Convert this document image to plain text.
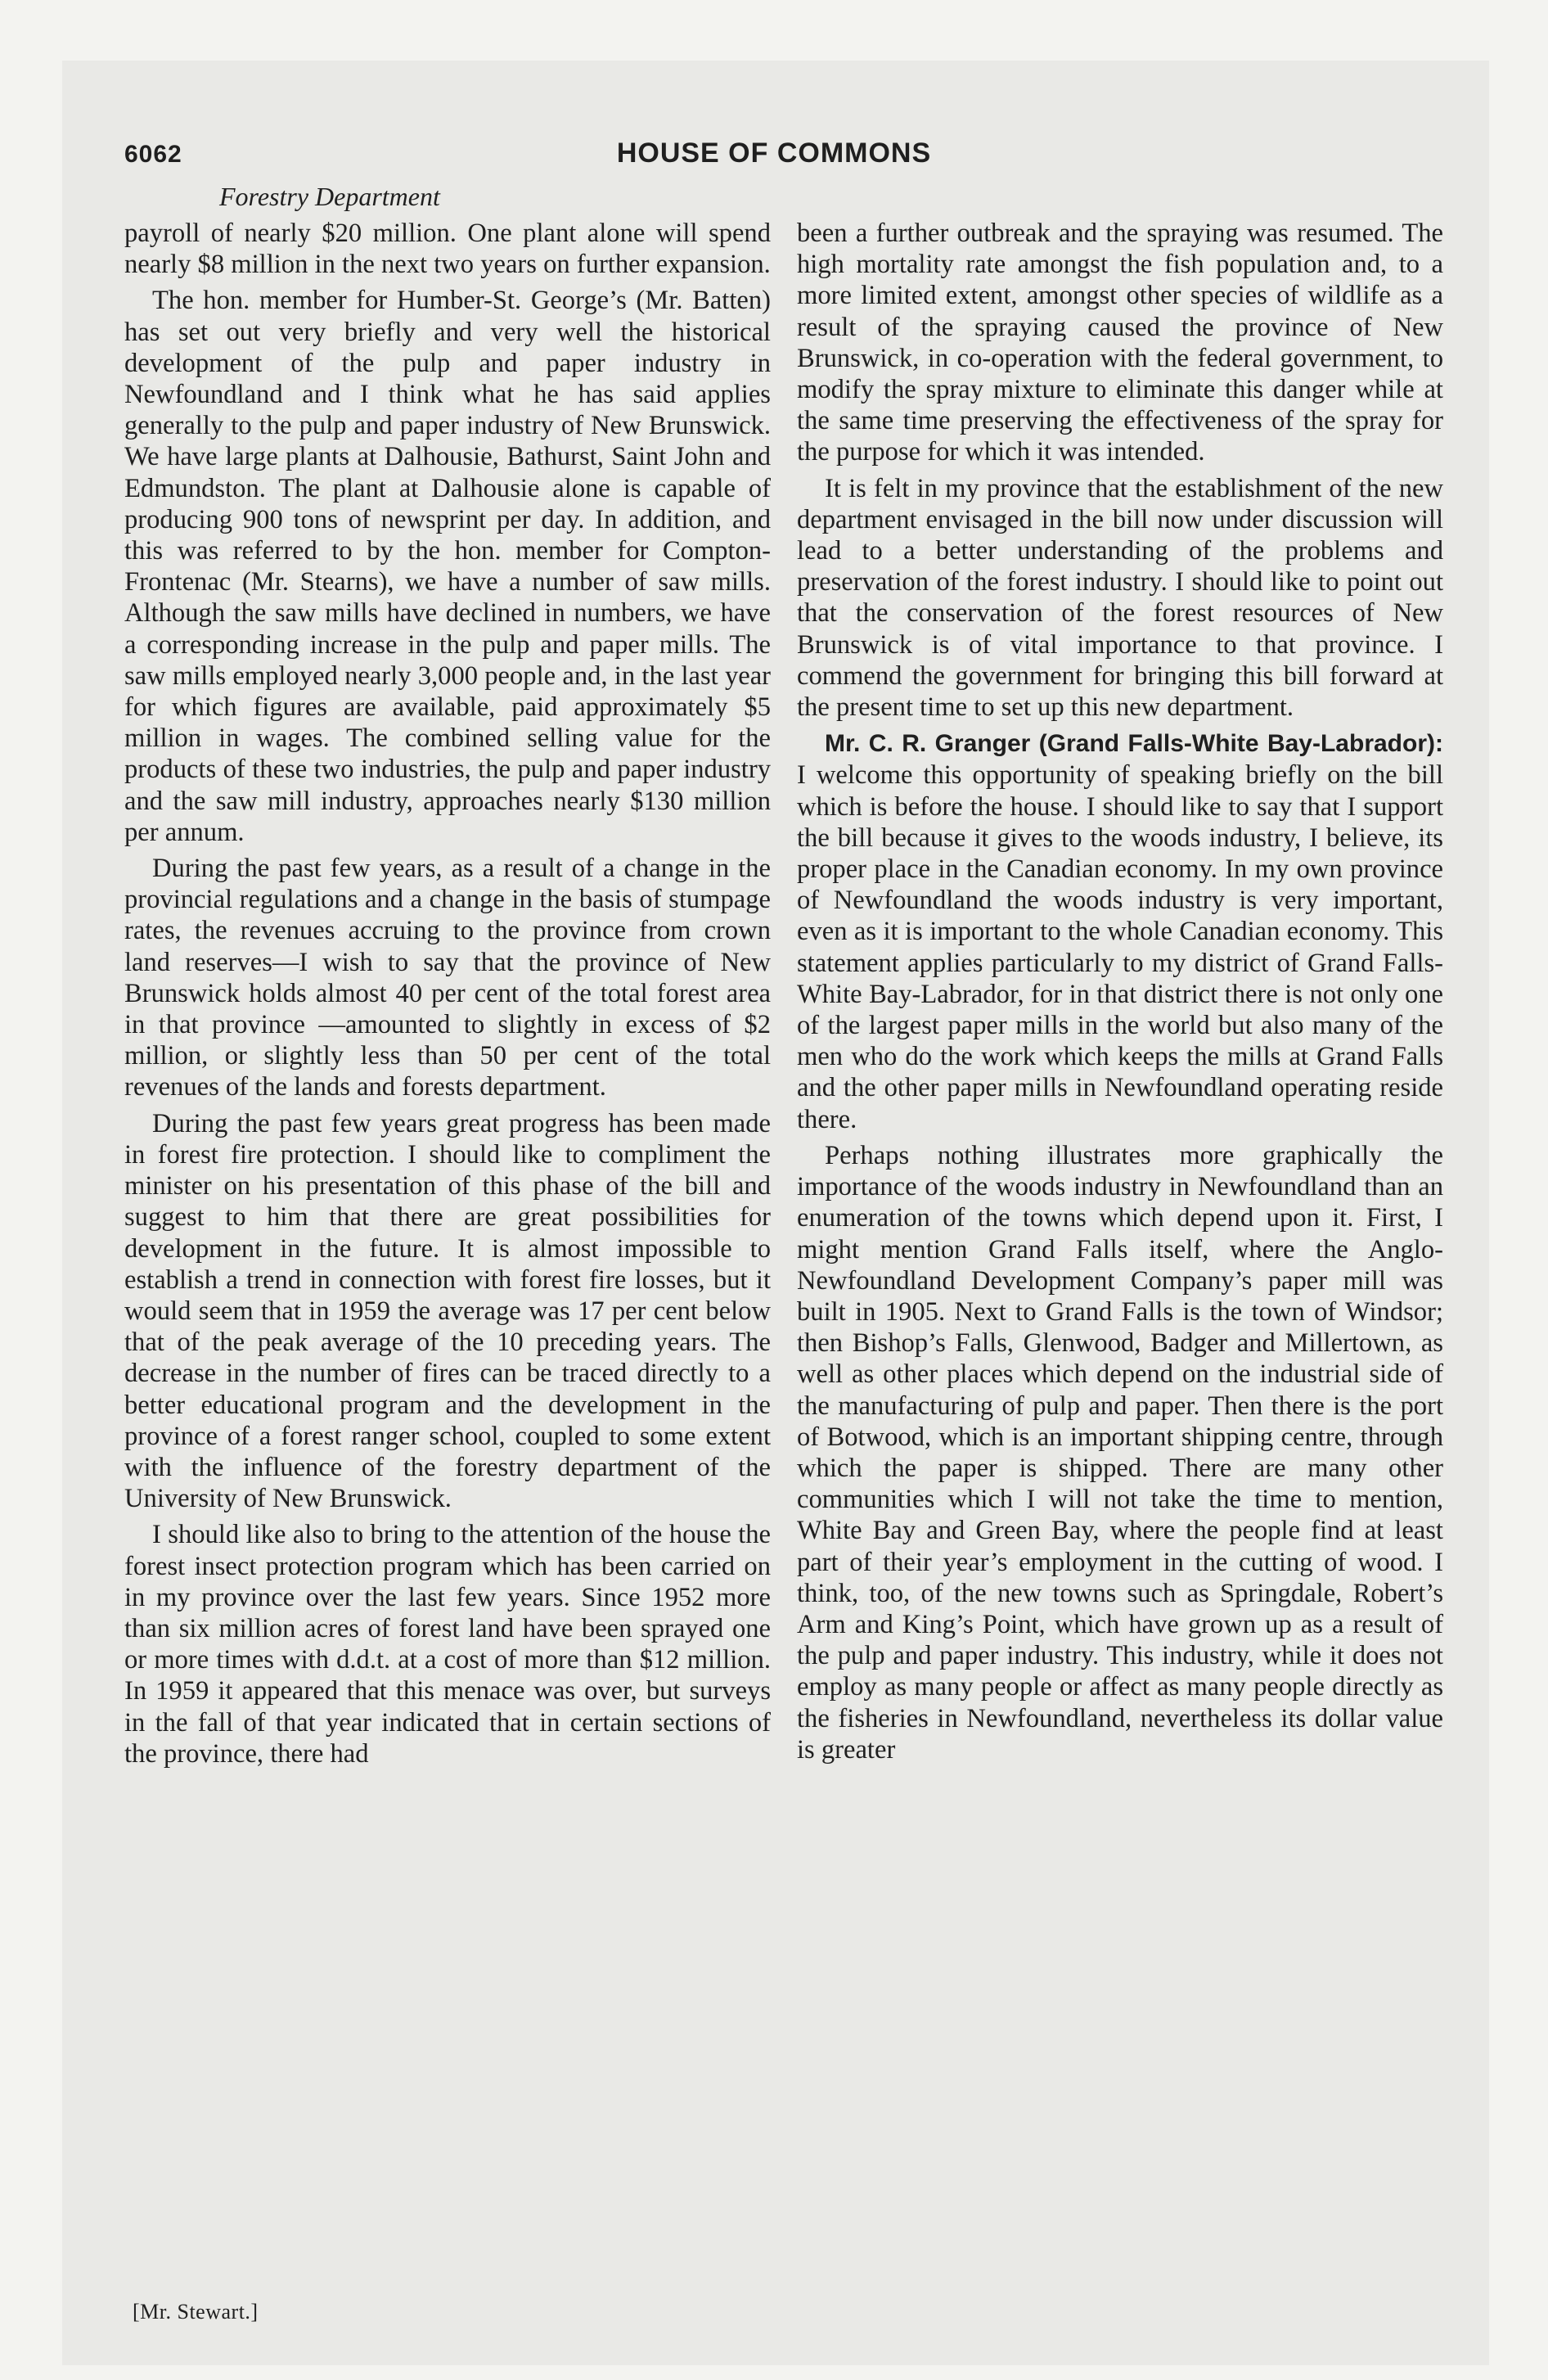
6062	HOUSE OF COMMONS
Forestry Department

payroll of nearly $20 million. One plant alone will spend nearly $8 million in the next two years on further expansion.

The hon. member for Humber-St. George’s (Mr. Batten) has set out very briefly and very well the historical development of the pulp and paper industry in Newfoundland and I think what he has said applies generally to the pulp and paper industry of New Brunswick. We have large plants at Dalhousie, Bathurst, Saint John and Edmundston. The plant at Dalhousie alone is capable of producing 900 tons of newsprint per day. In addition, and this was referred to by the hon. member for Compton-Frontenac (Mr. Stearns), we have a number of saw mills. Although the saw mills have declined in numbers, we have a corresponding increase in the pulp and paper mills. The saw mills employed nearly 3,000 people and, in the last year for which figures are available, paid approximately $5 million in wages. The combined selling value for the products of these two industries, the pulp and paper industry and the saw mill industry, approaches nearly $130 million per annum.

During the past few years, as a result of a change in the provincial regulations and a change in the basis of stumpage rates, the revenues accruing to the province from crown land reserves—I wish to say that the province of New Brunswick holds almost 40 per cent of the total forest area in that province —amounted to slightly in excess of $2 million, or slightly less than 50 per cent of the total revenues of the lands and forests department.

During the past few years great progress has been made in forest fire protection. I should like to compliment the minister on his presentation of this phase of the bill and suggest to him that there are great possibilities for development in the future. It is almost impossible to establish a trend in connection with forest fire losses, but it would seem that in 1959 the average was 17 per cent below that of the peak average of the 10 preceding years. The decrease in the number of fires can be traced directly to a better educational program and the development in the province of a forest ranger school, coupled to some extent with the influence of the forestry department of the University of New Brunswick.

I should like also to bring to the attention of the house the forest insect protection program which has been carried on in my province over the last few years. Since 1952 more than six million acres of forest land have been sprayed one or more times with d.d.t. at a cost of more than $12 million. In 1959 it appeared that this menace was over, but surveys in the fall of that year indicated that in certain sections of the province, there had

been a further outbreak and the spraying was resumed. The high mortality rate amongst the fish population and, to a more limited extent, amongst other species of wildlife as a result of the spraying caused the province of New Brunswick, in co-operation with the federal government, to modify the spray mixture to eliminate this danger while at the same time preserving the effectiveness of the spray for the purpose for which it was intended.

It is felt in my province that the establishment of the new department envisaged in the bill now under discussion will lead to a better understanding of the problems and preservation of the forest industry. I should like to point out that the conservation of the forest resources of New Brunswick is of vital importance to that province. I commend the government for bringing this bill forward at the present time to set up this new department.

Mr. C. R. Granger (Grand Falls-White Bay-Labrador): I welcome this opportunity of speaking briefly on the bill which is before the house. I should like to say that I support the bill because it gives to the woods industry, I believe, its proper place in the Canadian economy. In my own province of Newfoundland the woods industry is very important, even as it is important to the whole Canadian economy. This statement applies particularly to my district of Grand Falls-White Bay-Labrador, for in that district there is not only one of the largest paper mills in the world but also many of the men who do the work which keeps the mills at Grand Falls and the other paper mills in Newfoundland operating reside there.

Perhaps nothing illustrates more graphically the importance of the woods industry in Newfoundland than an enumeration of the towns which depend upon it. First, I might mention Grand Falls itself, where the Anglo-Newfoundland Development Company’s paper mill was built in 1905. Next to Grand Falls is the town of Windsor; then Bishop’s Falls, Glenwood, Badger and Millertown, as well as other places which depend on the industrial side of the manufacturing of pulp and paper. Then there is the port of Botwood, which is an important shipping centre, through which the paper is shipped. There are many other communities which I will not take the time to mention, White Bay and Green Bay, where the people find at least part of their year’s employment in the cutting of wood. I think, too, of the new towns such as Springdale, Robert’s Arm and King’s Point, which have grown up as a result of the pulp and paper industry. This industry, while it does not employ as many people or affect as many people directly as the fisheries in Newfoundland, nevertheless its dollar value is greater

[Mr. Stewart.]
